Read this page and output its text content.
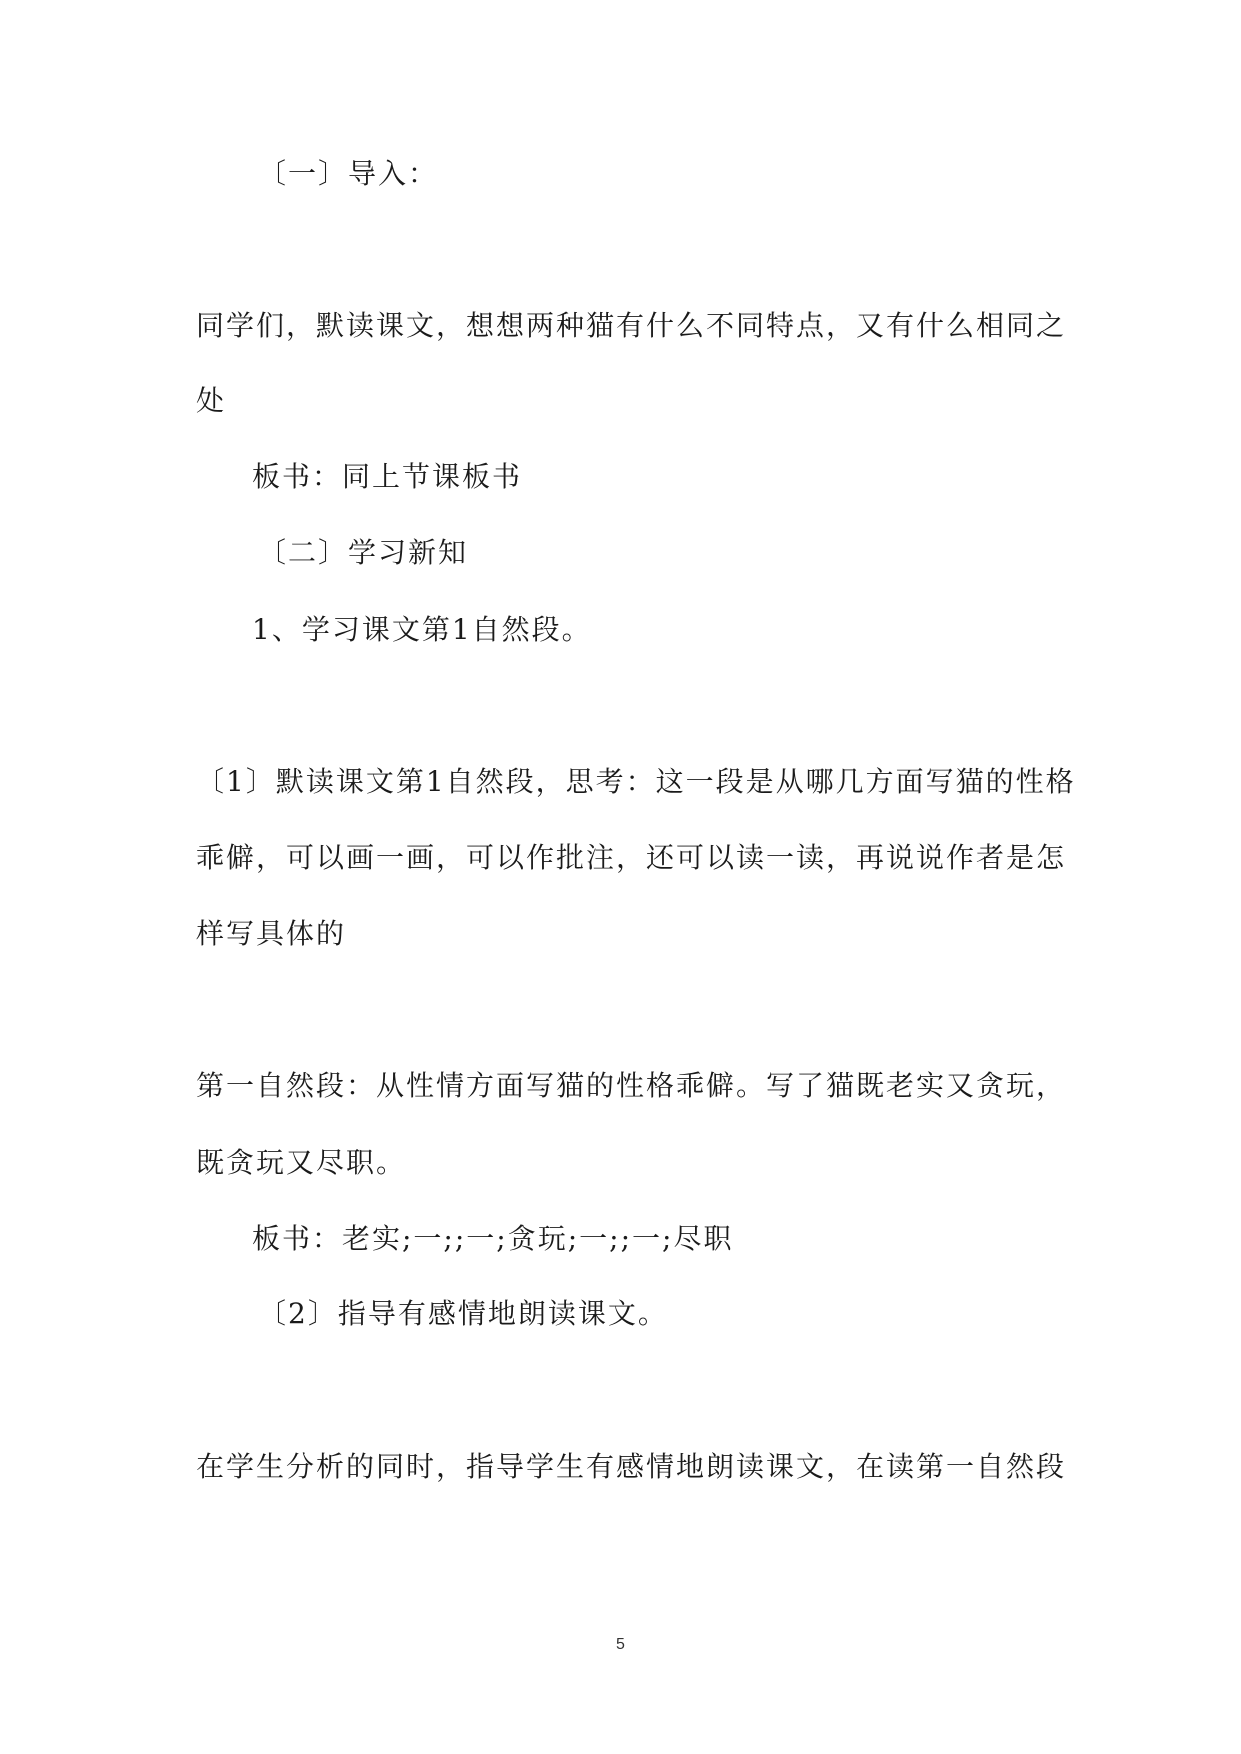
〔一〕导入：
同学们，默读课文，想想两种猫有什么不同特点，又有什么相同之
处
板书：同上节课板书
〔二〕学习新知
1、学习课文第1自然段。
〔1〕默读课文第1自然段，思考：这一段是从哪几方面写猫的性格
乖僻，可以画一画，可以作批注，还可以读一读，再说说作者是怎
样写具体的
第一自然段：从性情方面写猫的性格乖僻。写了猫既老实又贪玩，
既贪玩又尽职。
板书：老实;一;;一;贪玩;一;;一;尽职
〔2〕指导有感情地朗读课文。
在学生分析的同时，指导学生有感情地朗读课文，在读第一自然段
5
